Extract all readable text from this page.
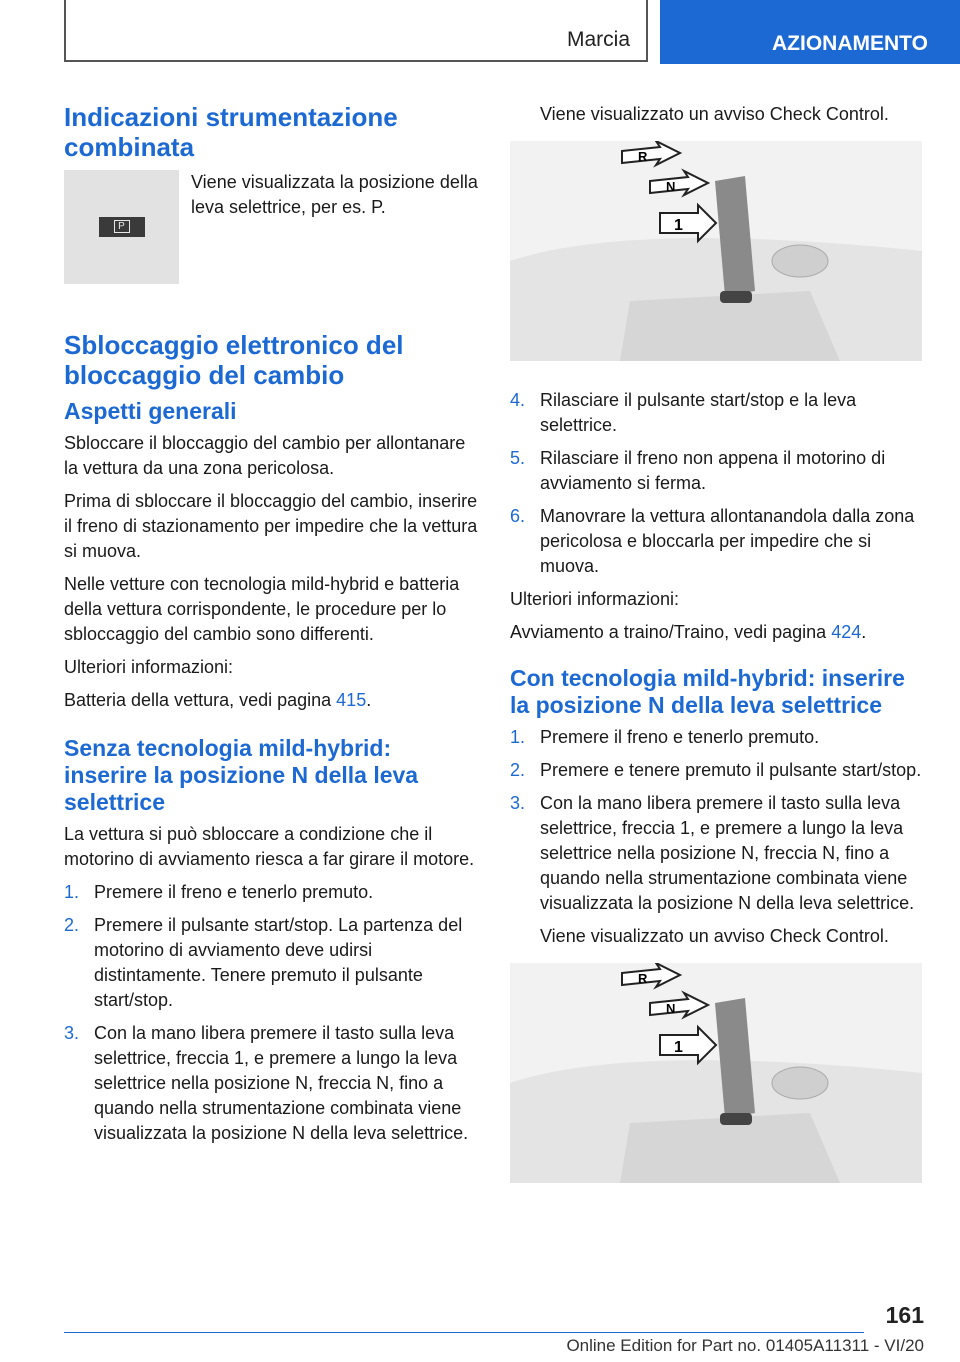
Marcia	AZIONAMENTO
Indicazioni strumentazione combinata
P

Viene visualizzata la posizione della leva selettrice, per es. P.

Sbloccaggio elettronico del bloccaggio del cambio
Aspetti generali

Sbloccare il bloccaggio del cambio per allontanare la vettura da una zona pericolosa.

Prima di sbloccare il bloccaggio del cambio, inserire il freno di stazionamento per impedire che la vettura si muova.

Nelle vetture con tecnologia mild-hybrid e batteria della vettura corrispondente, le procedure per lo sbloccaggio del cambio sono differenti.

Ulteriori informazioni:

Batteria della vettura, vedi pagina 415.

Senza tecnologia mild-hybrid: inserire la posizione N della leva selettrice

La vettura si può sbloccare a condizione che il motorino di avviamento riesca a far girare il motore.

1. Premere il freno e tenerlo premuto.
2. Premere il pulsante start/stop. La partenza del motorino di avviamento deve udirsi distintamente. Tenere premuto il pulsante start/stop.
3. Con la mano libera premere il tasto sulla leva selettrice, freccia 1, e premere a lungo la leva selettrice nella posizione N, freccia N, fino a quando nella strumentazione combinata viene visualizzata la posizione N della leva selettrice.

Viene visualizzato un avviso Check Control.

R
N
1
4. Rilasciare il pulsante start/stop e la leva selettrice.
5. Rilasciare il freno non appena il motorino di avviamento si ferma.
6. Manovrare la vettura allontanandola dalla zona pericolosa e bloccarla per impedire che si muova.

Ulteriori informazioni:

Avviamento a traino/Traino, vedi pagina 424.

Con tecnologia mild-hybrid: inserire la posizione N della leva selettrice
1. Premere il freno e tenerlo premuto.
2. Premere e tenere premuto il pulsante start/stop.
3. Con la mano libera premere il tasto sulla leva selettrice, freccia 1, e premere a lungo la leva selettrice nella posizione N, freccia N, fino a quando nella strumentazione combinata viene visualizzata la posizione N della leva selettrice.

Viene visualizzato un avviso Check Control.

R
N
1
161
Online Edition for Part no. 01405A11311 - VI/20
